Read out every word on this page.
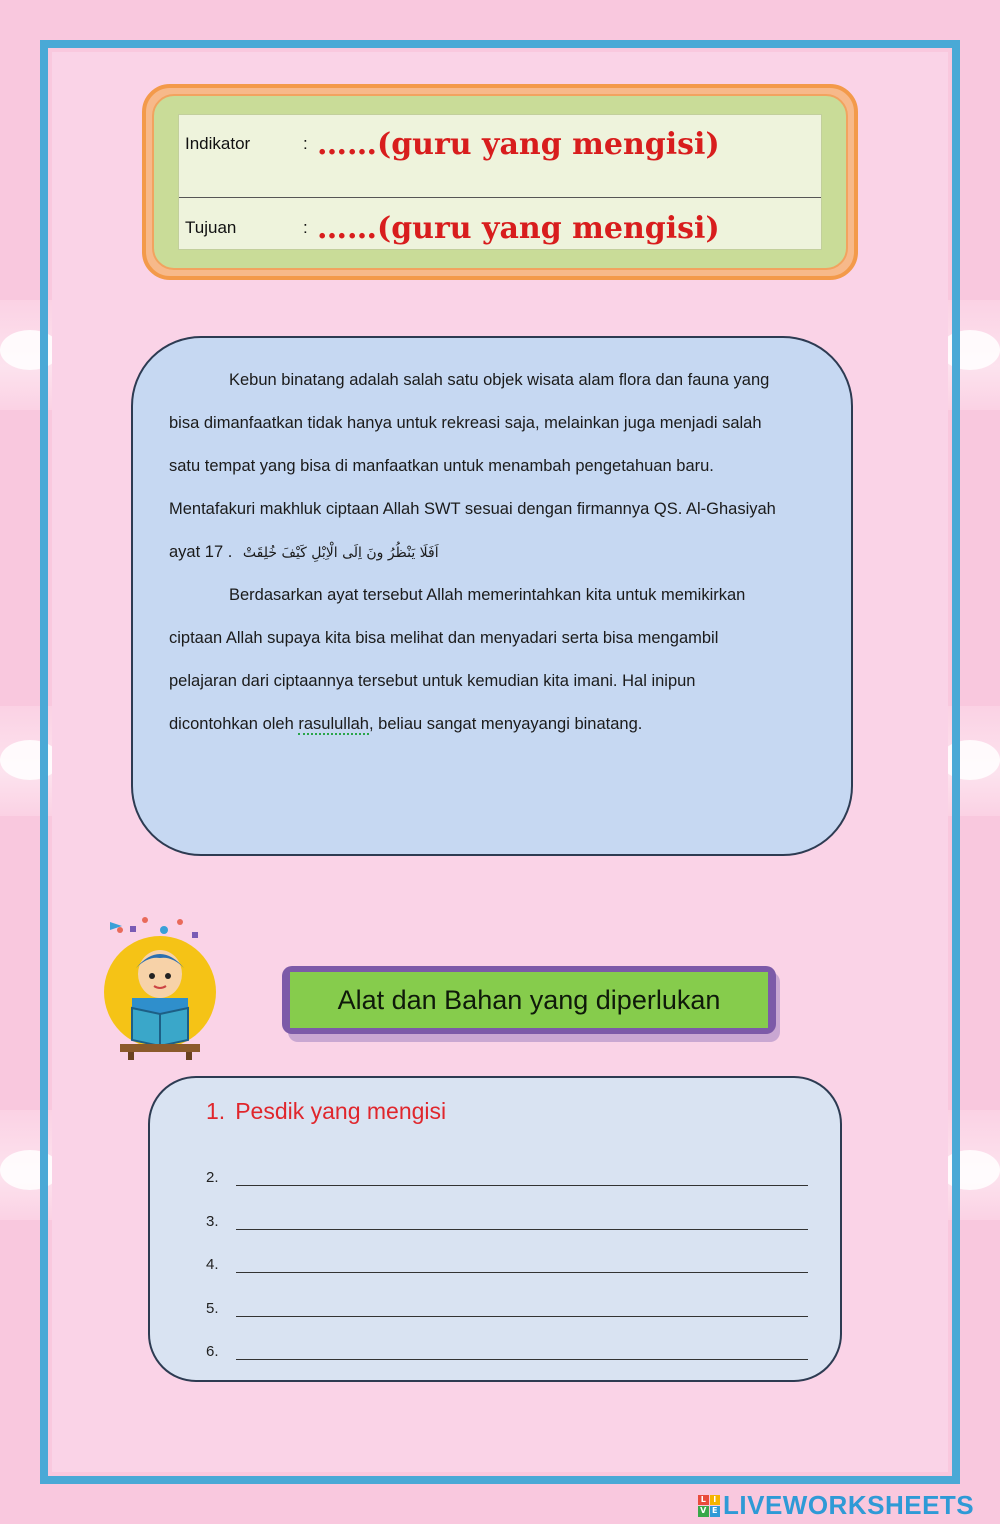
Indikator	: ……(guru yang mengisi)
Tujuan	: ……(guru yang mengisi)

Kebun binatang adalah salah satu objek wisata alam flora dan fauna yang

bisa dimanfaatkan tidak hanya untuk rekreasi saja, melainkan juga menjadi salah

satu tempat yang bisa di manfaatkan untuk menambah pengetahuan baru.

Mentafakuri makhluk ciptaan Allah SWT sesuai dengan firmannya QS. Al-Ghasiyah

ayat 17 . اَفَلَا يَنْظُرُ ونَ اِلَى الْاِبْلِ كَيْفَ خُلِقَتْ

Berdasarkan ayat tersebut Allah memerintahkan kita untuk memikirkan

ciptaan Allah supaya kita bisa melihat dan menyadari serta bisa mengambil

pelajaran dari ciptaannya tersebut untuk kemudian kita imani. Hal inipun

dicontohkan oleh rasulullah, beliau sangat menyayangi binatang.

Alat dan Bahan yang diperlukan
1. Pesdik yang mengisi
2.
3.
4.
5.
6.
L I
V E LIVEWORKSHEETS
